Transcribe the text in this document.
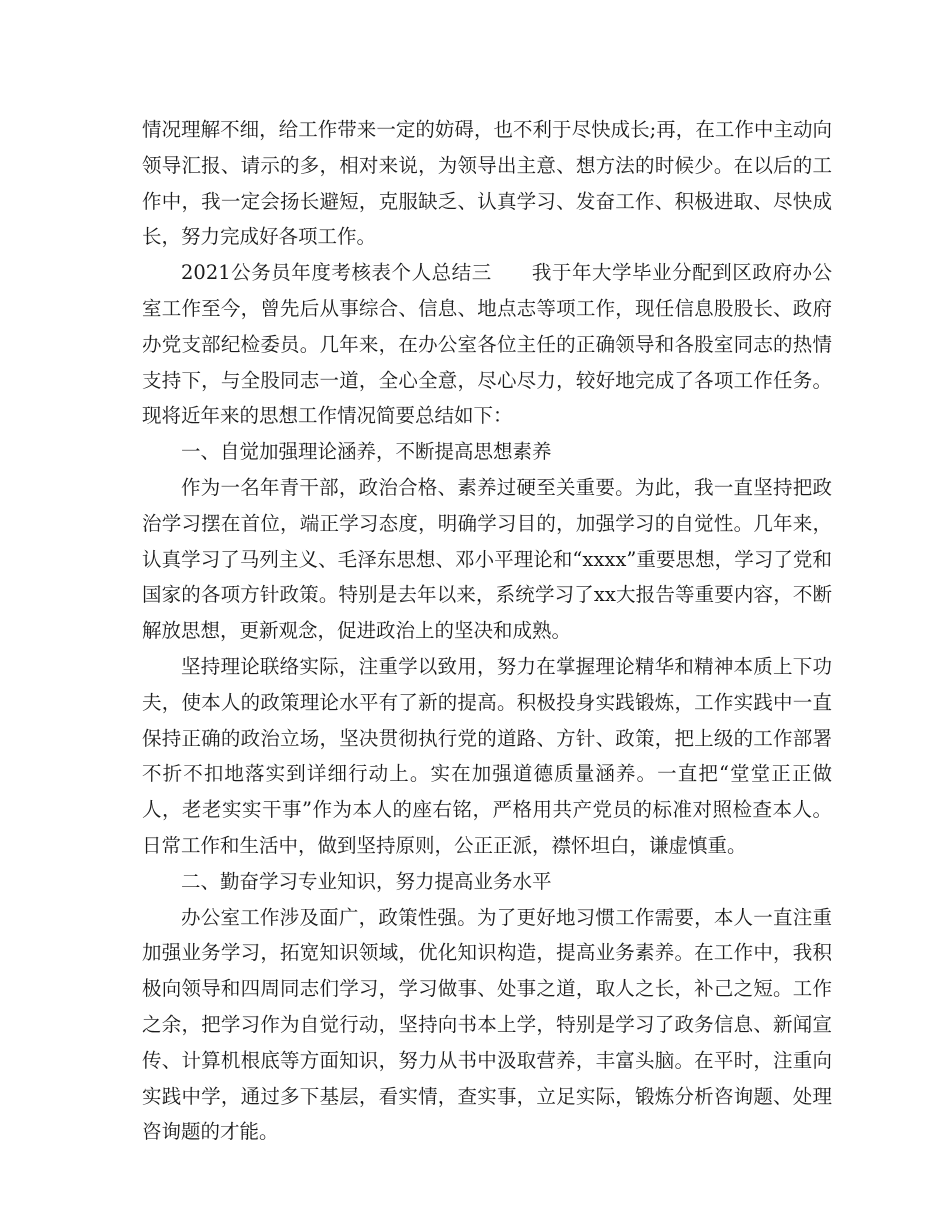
情况理解不细，给工作带来一定的妨碍，也不利于尽快成长;再，在工作中主动向领导汇报、请示的多，相对来说，为领导出主意、想方法的时候少。在以后的工作中，我一定会扬长避短，克服缺乏、认真学习、发奋工作、积极进取、尽快成长，努力完成好各项工作。

2021公务员年度考核表个人总结三　　我于年大学毕业分配到区政府办公室工作至今，曾先后从事综合、信息、地点志等项工作，现任信息股股长、政府办党支部纪检委员。几年来，在办公室各位主任的正确领导和各股室同志的热情支持下，与全股同志一道，全心全意，尽心尽力，较好地完成了各项工作任务。现将近年来的思想工作情况简要总结如下：

一、自觉加强理论涵养，不断提高思想素养

作为一名年青干部，政治合格、素养过硬至关重要。为此，我一直坚持把政治学习摆在首位，端正学习态度，明确学习目的，加强学习的自觉性。几年来，认真学习了马列主义、毛泽东思想、邓小平理论和“xxxx”重要思想，学习了党和国家的各项方针政策。特别是去年以来，系统学习了xx大报告等重要内容，不断解放思想，更新观念，促进政治上的坚决和成熟。

坚持理论联络实际，注重学以致用，努力在掌握理论精华和精神本质上下功夫，使本人的政策理论水平有了新的提高。积极投身实践锻炼，工作实践中一直保持正确的政治立场，坚决贯彻执行党的道路、方针、政策，把上级的工作部署不折不扣地落实到详细行动上。实在加强道德质量涵养。一直把“堂堂正正做人，老老实实干事”作为本人的座右铭，严格用共产党员的标准对照检查本人。日常工作和生活中，做到坚持原则，公正正派，襟怀坦白，谦虚慎重。

二、勤奋学习专业知识，努力提高业务水平

办公室工作涉及面广，政策性强。为了更好地习惯工作需要，本人一直注重加强业务学习，拓宽知识领域，优化知识构造，提高业务素养。在工作中，我积极向领导和四周同志们学习，学习做事、处事之道，取人之长，补己之短。工作之余，把学习作为自觉行动，坚持向书本上学，特别是学习了政务信息、新闻宣传、计算机根底等方面知识，努力从书中汲取营养，丰富头脑。在平时，注重向实践中学，通过多下基层，看实情，查实事，立足实际，锻炼分析咨询题、处理咨询题的才能。
